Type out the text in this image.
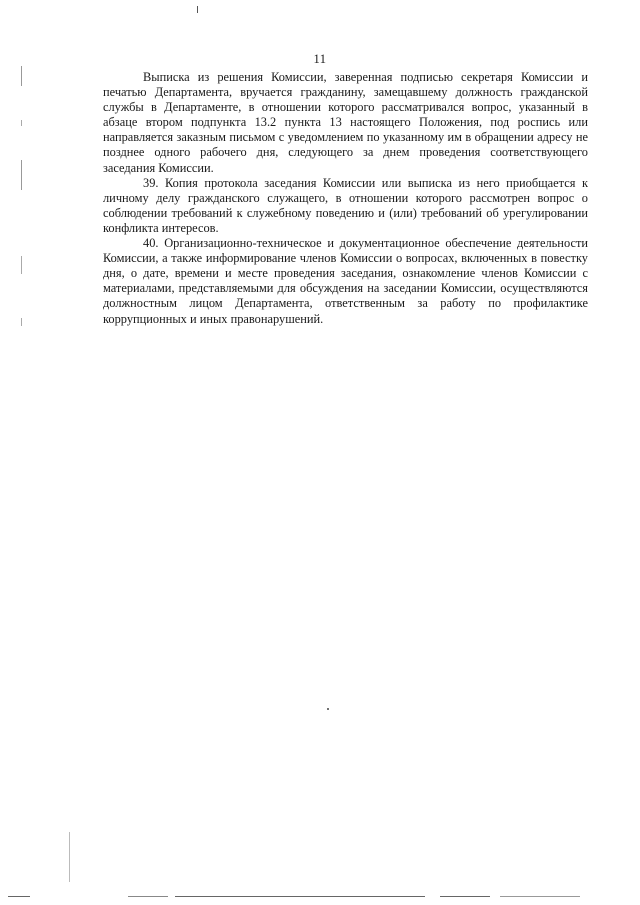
11

Выписка из решения Комиссии, заверенная подписью секретаря Комиссии и печатью Департамента, вручается гражданину, замещавшему должность гражданской службы в Департаменте, в отношении которого рассматривался вопрос, указанный в абзаце втором подпункта 13.2 пункта 13 настоящего Положения, под роспись или направляется заказным письмом с уведомлением по указанному им в обращении адресу не позднее одного рабочего дня, следующего за днем проведения соответствующего заседания Комиссии.

39. Копия протокола заседания Комиссии или выписка из него приобщается к личному делу гражданского служащего, в отношении которого рассмотрен вопрос о соблюдении требований к служебному поведению и (или) требований об урегулировании конфликта интересов.

40. Организационно-техническое и документационное обеспечение деятельности Комиссии, а также информирование членов Комиссии о вопросах, включенных в повестку дня, о дате, времени и месте проведения заседания, ознакомление членов Комиссии с материалами, представляемыми для обсуждения на заседании Комиссии, осуществляются должностным лицом Департамента, ответственным за работу по профилактике коррупционных и иных правонарушений.
